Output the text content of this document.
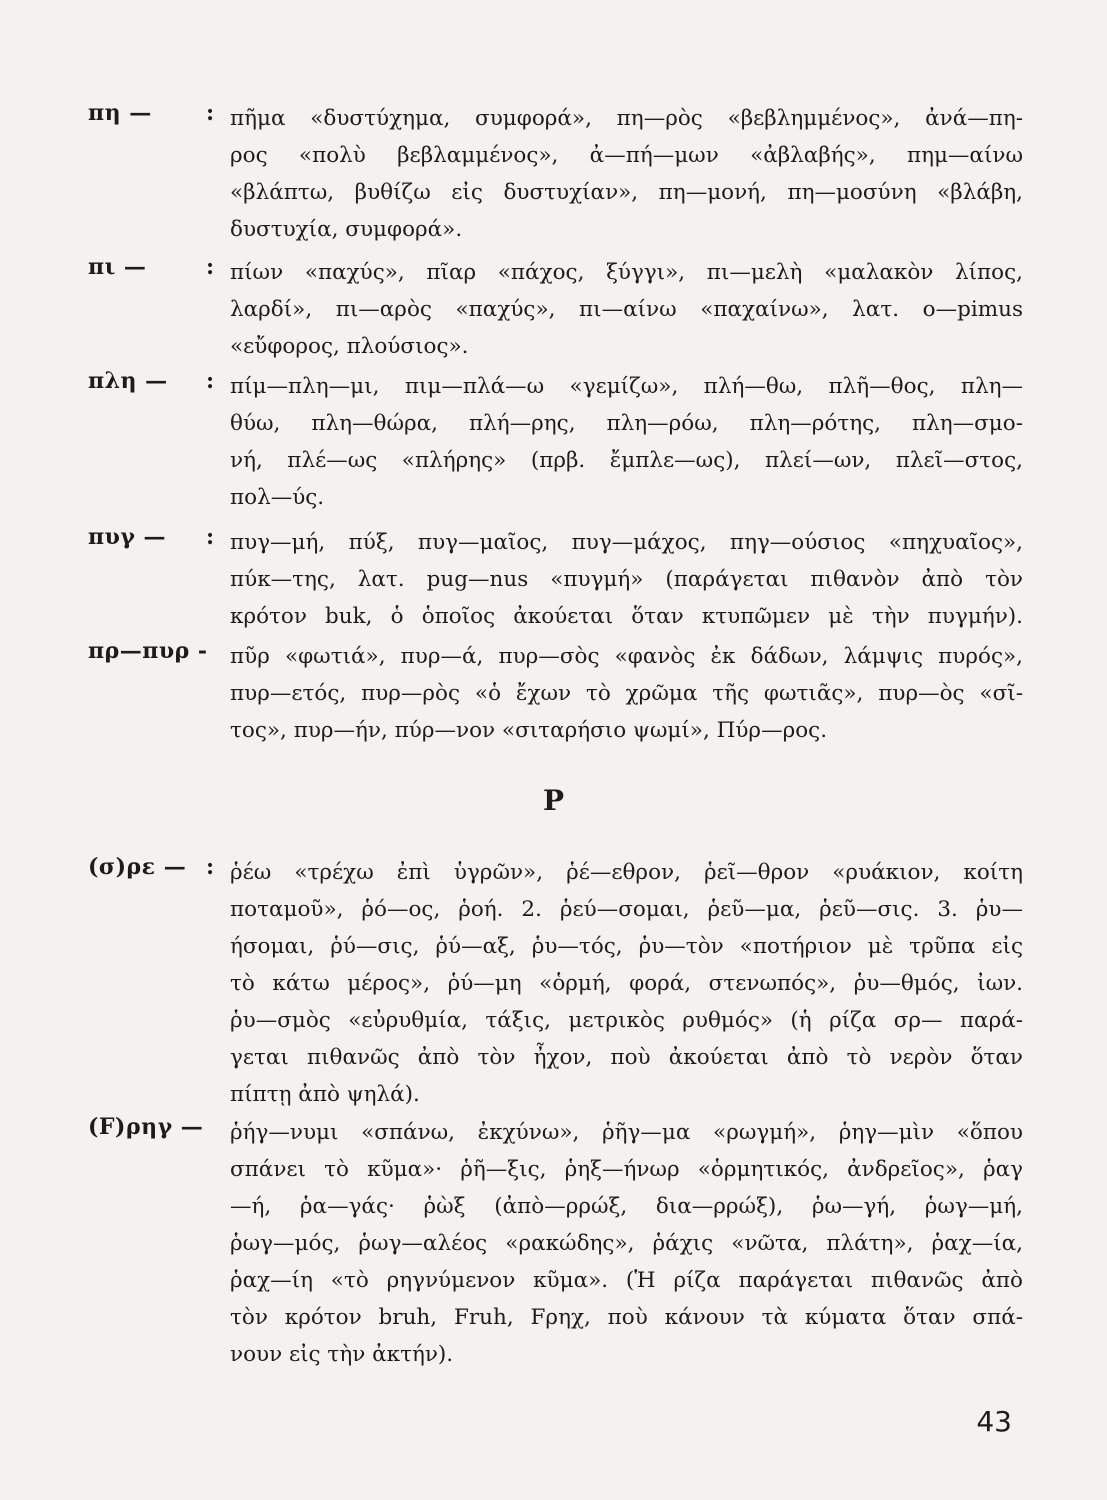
πη — : πῆμα «δυστύχημα, συμφορά», πη—ρὸς «βεβλημμένος», ἀνά—πη-
ρος «πολὺ βεβλαμμένος», ἀ—πή—μων «ἀβλαβής», πημ—αίνω
«βλάπτω, βυθίζω εἰς δυστυχίαν», πη—μονή, πη—μοσύνη «βλάβη,
δυστυχία, συμφορά».
πι —	: πίων «παχύς», πῖαρ «πάχος, ξύγγι», πι—μελὴ «μαλακὸν λίπος,
λαρδί», πι—αρὸς «παχύς», πι—αίνω «παχαίνω», λατ. o—pimus
«εὔφορος, πλούσιος».
πλη — : πίμ—πλη—μι, πιμ—πλά—ω «γεμίζω», πλή—θω, πλῆ—θος, πλη—
θύω, πλη—θώρα, πλή—ρης, πλη—ρόω, πλη—ρότης, πλη—σμο-
νή, πλέ—ως «πλήρης» (πρβ. ἔμπλε—ως), πλεί—ων, πλεῖ—στος,
πολ—ύς.
πυγ — : πυγ—μή, πύξ, πυγ—μαῖος, πυγ—μάχος, πηγ—ούσιος «πηχυαῖος»,
πύκ—της, λατ. pug—nus «πυγμή» (παράγεται πιθανὸν ἀπὸ τὸν
κρότον buk, ὁ ὁποῖος ἀκούεται ὅταν κτυπῶμεν μὲ τὴν πυγμήν).
πρ—πυρ - πῦρ «φωτιά», πυρ—ά, πυρ—σὸς «φανὸς ἐκ δάδων, λάμψις πυρός»,
πυρ—ετός, πυρ—ρὸς «ὁ ἔχων τὸ χρῶμα τῆς φωτιᾶς», πυρ—ὸς «σῖ-
τος», πυρ—ήν, πύρ—νον «σιταρήσιο ψωμί», Πύρ—ρος.
Ρ
(σ)ρε — : ῥέω «τρέχω ἐπὶ ὑγρῶν», ῥέ—εθρον, ῥεῖ—θρον «ρυάκιον, κοίτη
ποταμοῦ», ῥό—ος, ῥοή. 2. ῥεύ—σομαι, ῥεῦ—μα, ῥεῦ—σις. 3. ῥυ—
ήσομαι, ῥύ—σις, ῥύ—αξ, ῥυ—τός, ῥυ—τὸν «ποτήριον μὲ τρῦπα εἰς
τὸ κάτω μέρος», ῥύ—μη «ὁρμή, φορά, στενωπός», ῥυ—θμός, ἰων.
ῥυ—σμὸς «εὐρυθμία, τάξις, μετρικὸς ρυθμός» (ἡ ρίζα σρ— παρά-
γεται πιθανῶς ἀπὸ τὸν ἦχον, ποὺ ἀκούεται ἀπὸ τὸ νερὸν ὅταν
πίπτῃ ἀπὸ ψηλά).
(F)ρηγ — ῥήγ—νυμι «σπάνω, ἐκχύνω», ῥῆγ—μα «ρωγμή», ῥηγ—μὶν «ὅπου
σπάνει τὸ κῦμα»· ῥῆ—ξις, ῥηξ—ήνωρ «ὁρμητικός, ἀνδρεῖος», ῥαγ
—ή, ῥα—γάς· ῥὼξ (ἀπὸ—ρρώξ, δια—ρρώξ), ῥω—γή, ῥωγ—μή,
ῥωγ—μός, ῥωγ—αλέος «ρακώδης», ῥάχις «νῶτα, πλάτη», ῥαχ—ία,
ῥαχ—ίη «τὸ ρηγνύμενον κῦμα». (Ἡ ρίζα παράγεται πιθανῶς ἀπὸ
τὸν κρότον bruh, Fruh, Fρηχ, ποὺ κάνουν τὰ κύματα ὅταν σπά-
νουν εἰς τὴν ἀκτήν).
43
